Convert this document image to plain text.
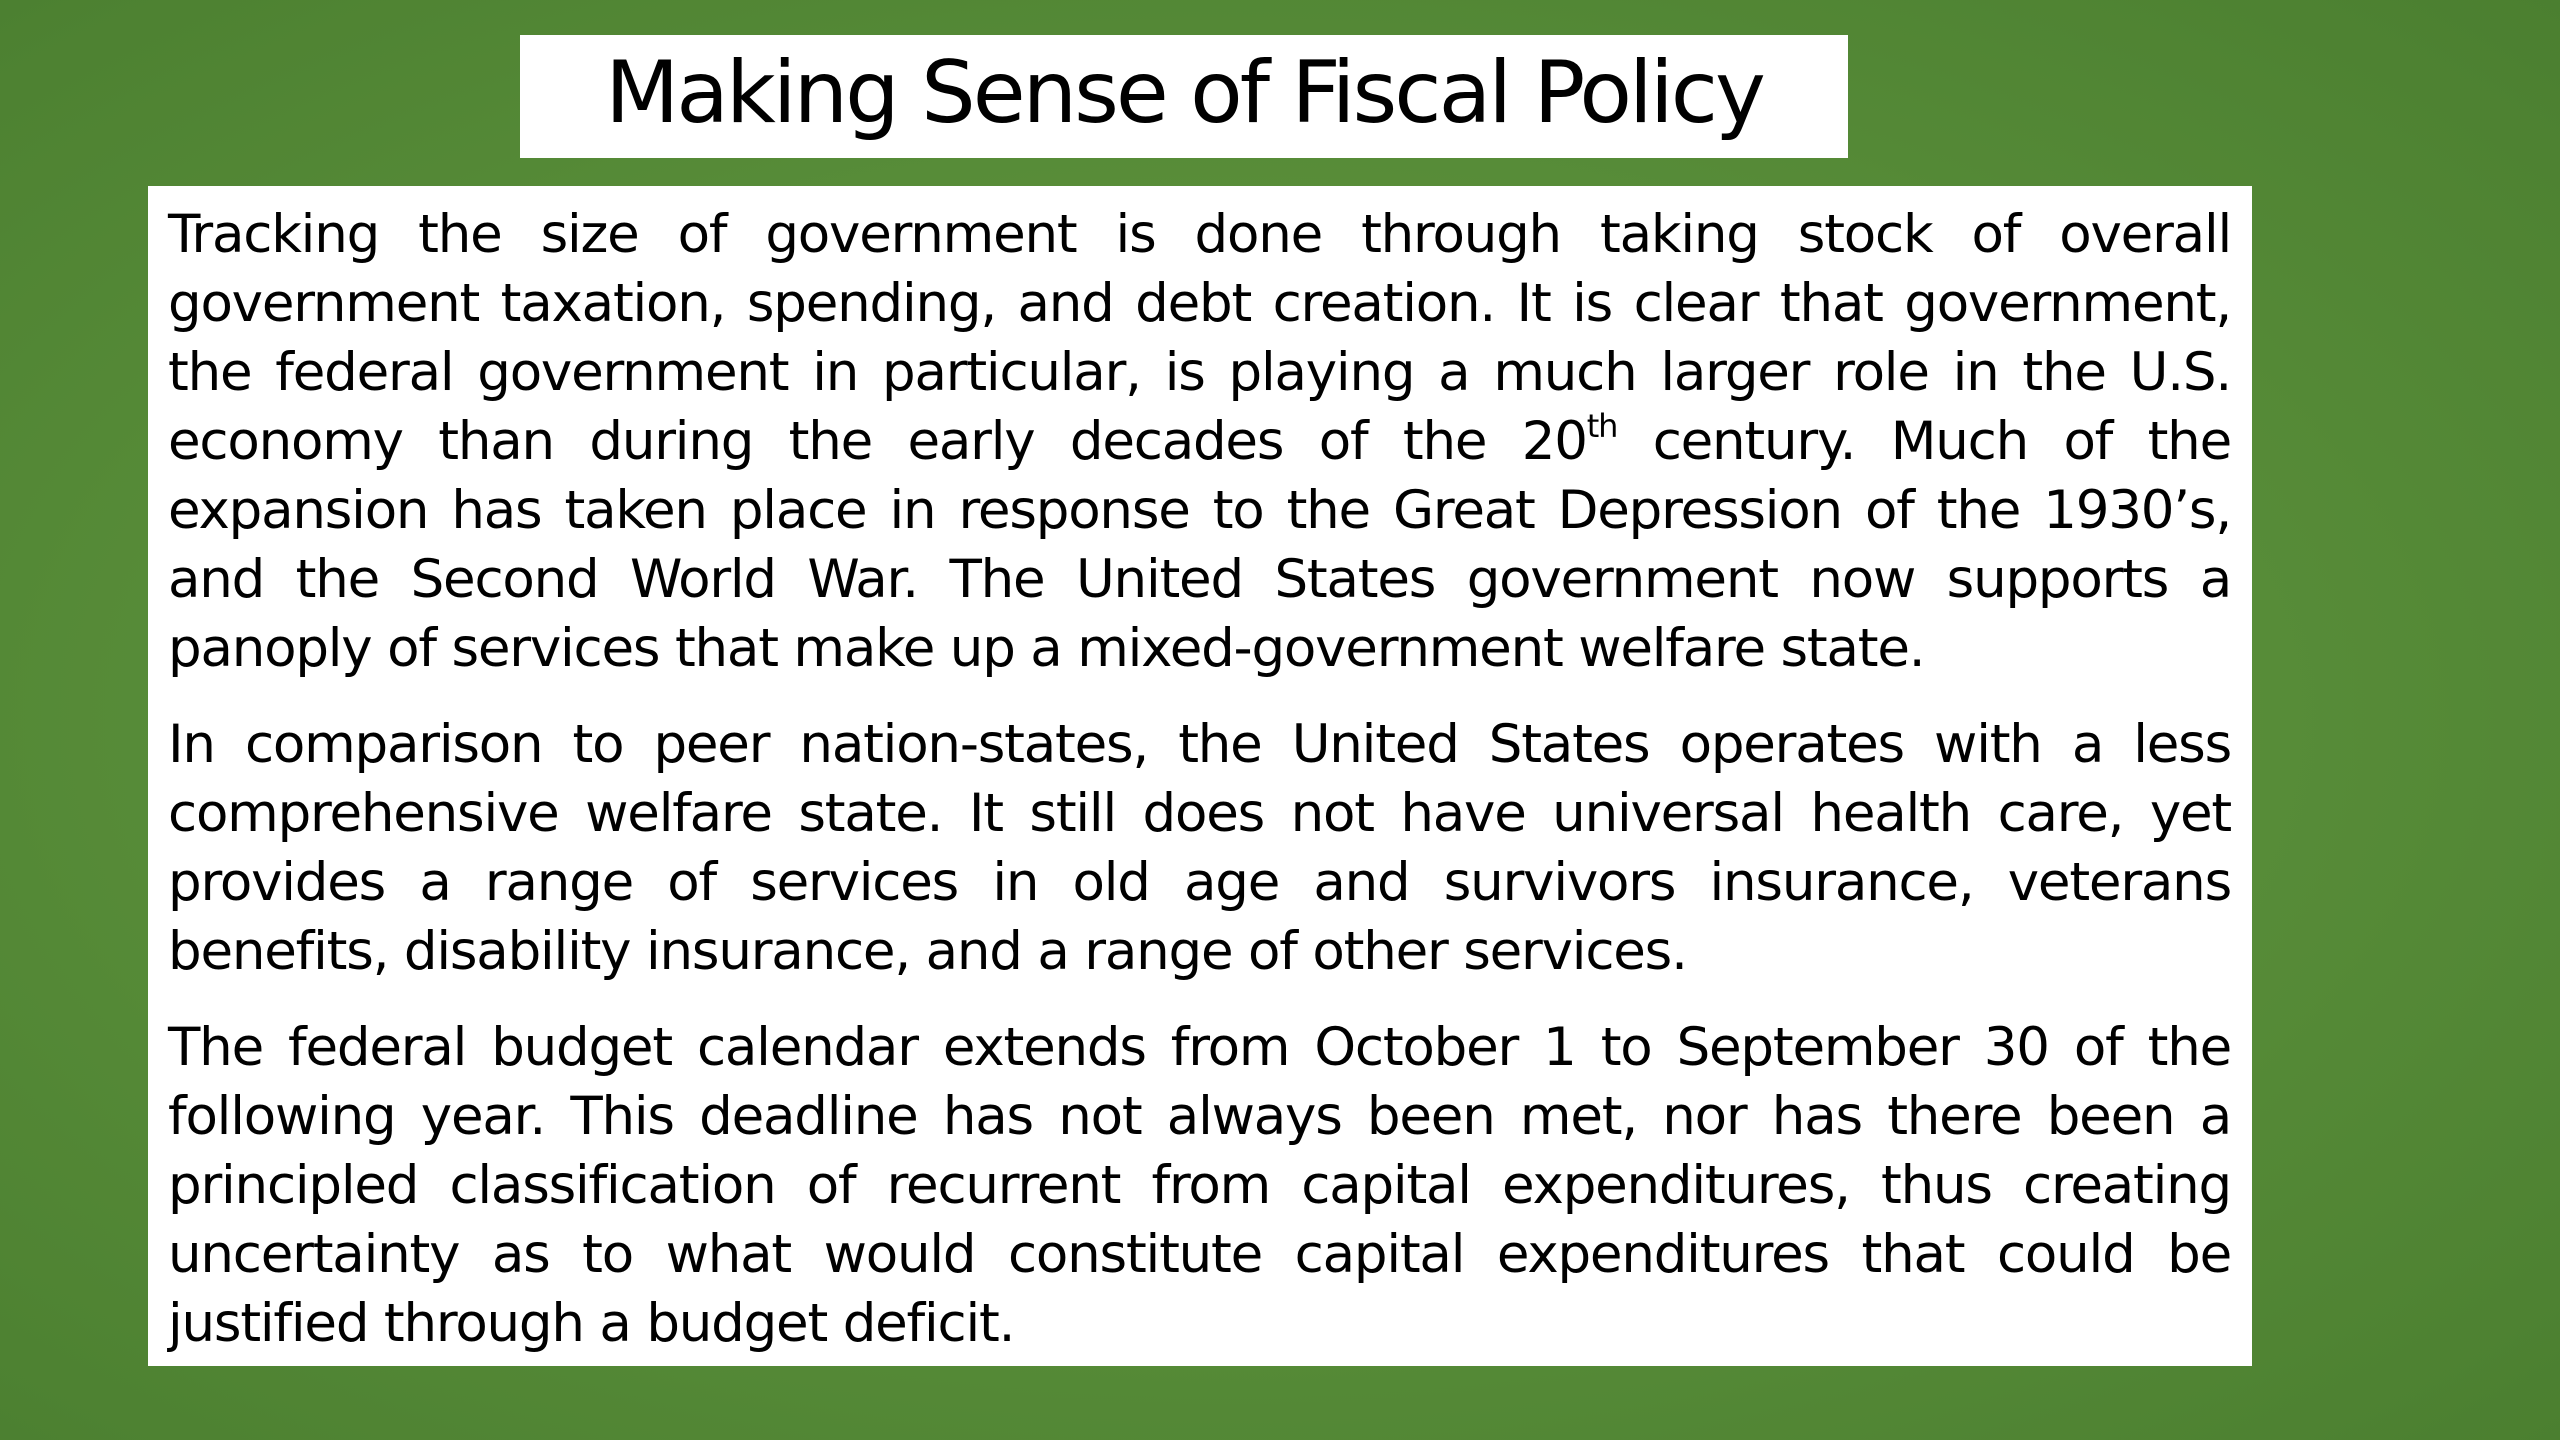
Making Sense of Fiscal Policy

Tracking the size of government is done through taking stock of overall government taxation, spending, and debt creation. It is clear that government, the federal government in particular, is playing a much larger role in the U.S. economy than during the early decades of the 20th century. Much of the expansion has taken place in response to the Great Depression of the 1930’s, and the Second World War. The United States government now supports a panoply of services that make up a mixed-government welfare state.

In comparison to peer nation-states, the United States operates with a less comprehensive welfare state. It still does not have universal health care, yet provides a range of services in old age and survivors insurance, veterans benefits, disability insurance, and a range of other services.

The federal budget calendar extends from October 1 to September 30 of the following year. This deadline has not always been met, nor has there been a principled classification of recurrent from capital expenditures, thus creating uncertainty as to what would constitute capital expenditures that could be justified through a budget deficit.
